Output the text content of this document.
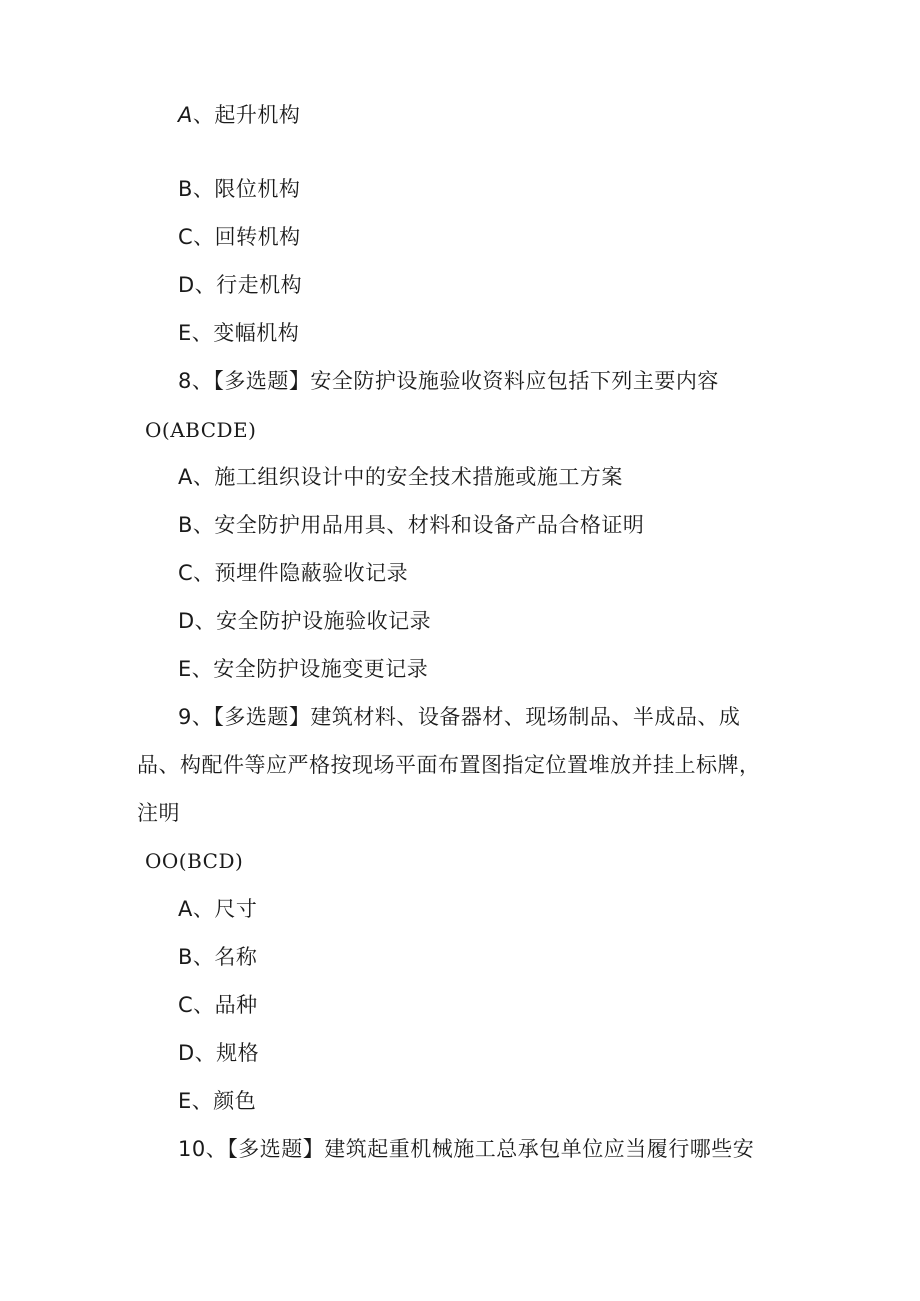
A、起升机构
B、限位机构
C、回转机构
D、行走机构
E、变幅机构
8、【多选题】安全防护设施验收资料应包括下列主要内容
O(ABCDE)
A、施工组织设计中的安全技术措施或施工方案
B、安全防护用品用具、材料和设备产品合格证明
C、预埋件隐蔽验收记录
D、安全防护设施验收记录
E、安全防护设施变更记录
9、【多选题】建筑材料、设备器材、现场制品、半成品、成
品、构配件等应严格按现场平面布置图指定位置堆放并挂上标牌，
注明
OO(BCD)
A、尺寸
B、名称
C、品种
D、规格
E、颜色
10、【多选题】建筑起重机械施工总承包单位应当履行哪些安
